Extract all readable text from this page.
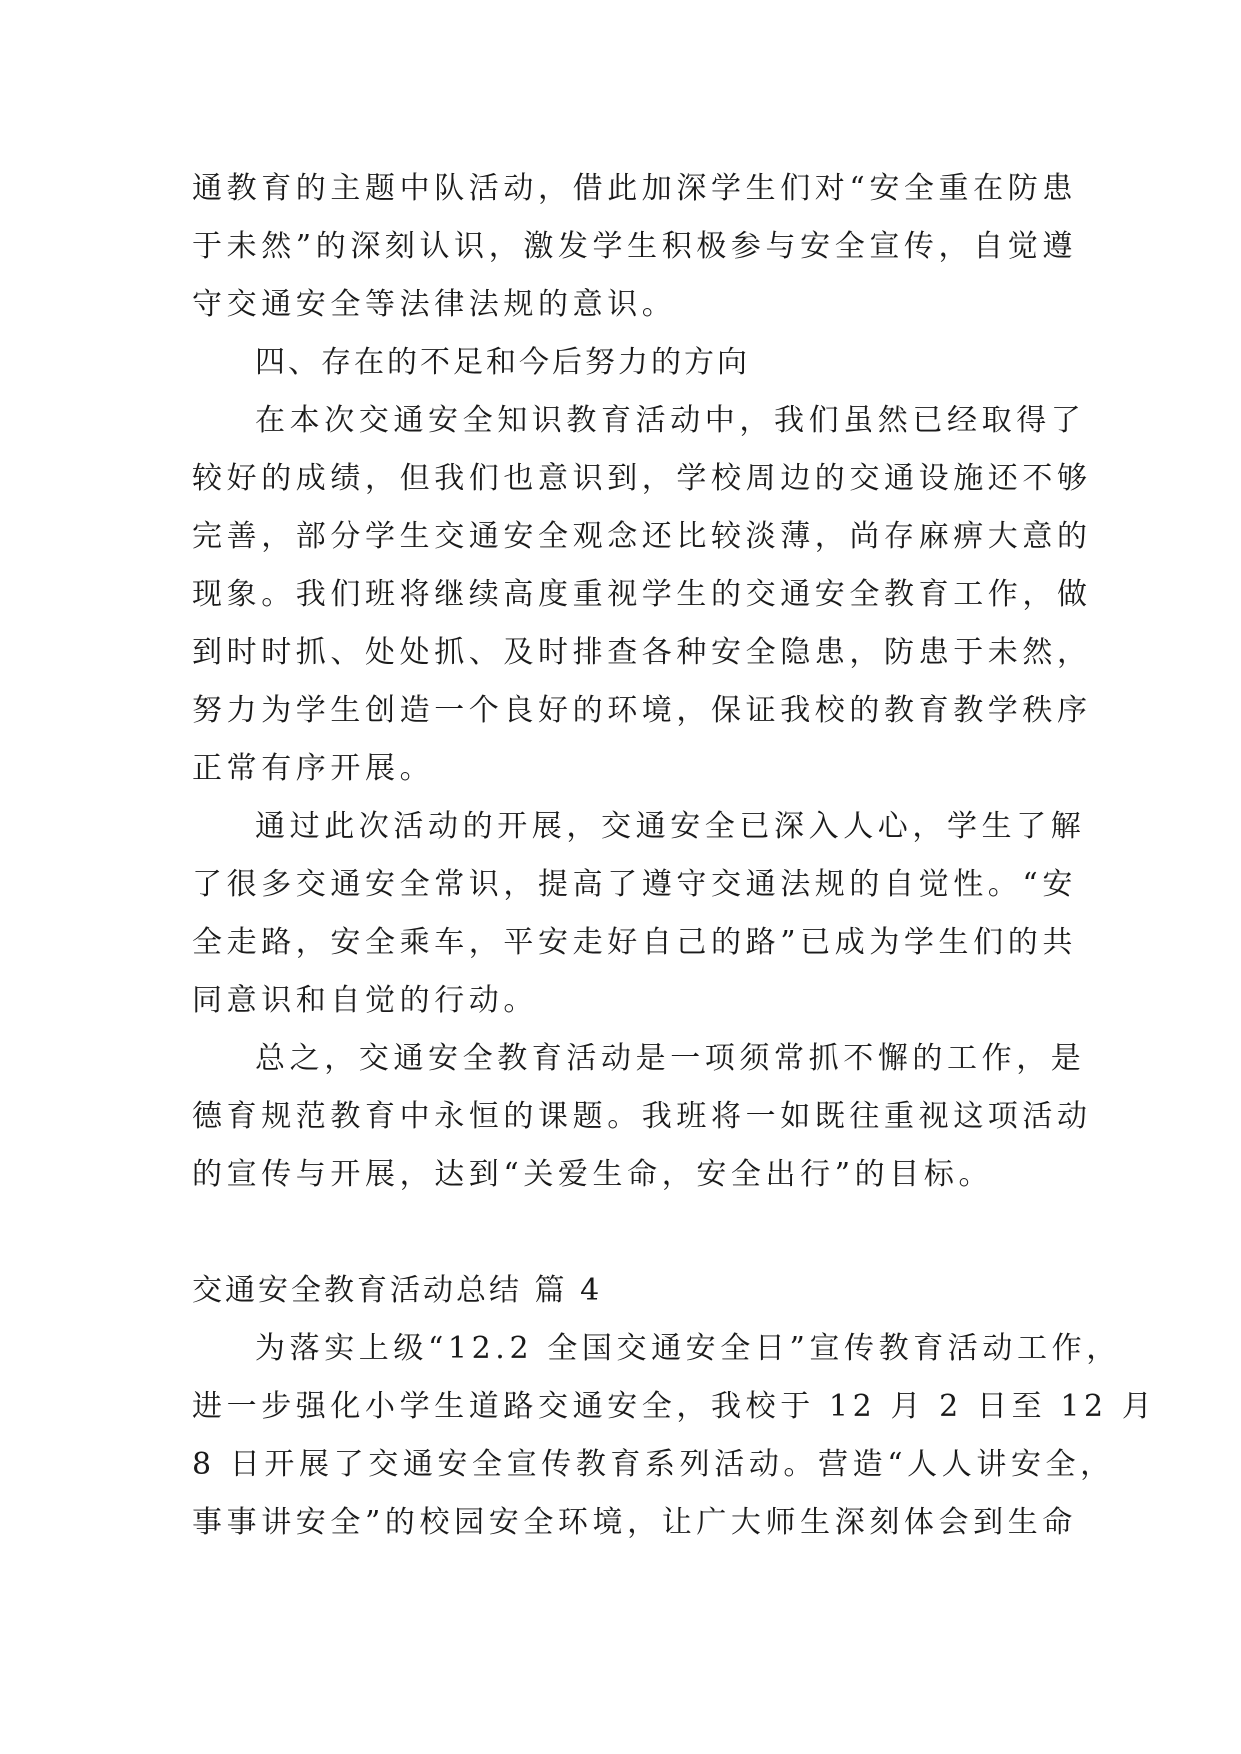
通教育的主题中队活动，借此加深学生们对“安全重在防患
于未然”的深刻认识，激发学生积极参与安全宣传，自觉遵
守交通安全等法律法规的意识。
四、存在的不足和今后努力的方向
在本次交通安全知识教育活动中，我们虽然已经取得了
较好的成绩，但我们也意识到，学校周边的交通设施还不够
完善，部分学生交通安全观念还比较淡薄，尚存麻痹大意的
现象。我们班将继续高度重视学生的交通安全教育工作，做
到时时抓、处处抓、及时排查各种安全隐患，防患于未然，
努力为学生创造一个良好的环境，保证我校的教育教学秩序
正常有序开展。
通过此次活动的开展，交通安全已深入人心，学生了解
了很多交通安全常识，提高了遵守交通法规的自觉性。“安
全走路，安全乘车，平安走好自己的路”已成为学生们的共
同意识和自觉的行动。
总之，交通安全教育活动是一项须常抓不懈的工作，是
德育规范教育中永恒的课题。我班将一如既往重视这项活动
的宣传与开展，达到“关爱生命，安全出行”的目标。
交通安全教育活动总结 篇 4
为落实上级“12.2 全国交通安全日”宣传教育活动工作，
进一步强化小学生道路交通安全，我校于 12 月 2 日至 12 月
8 日开展了交通安全宣传教育系列活动。营造“人人讲安全，
事事讲安全”的校园安全环境，让广大师生深刻体会到生命
